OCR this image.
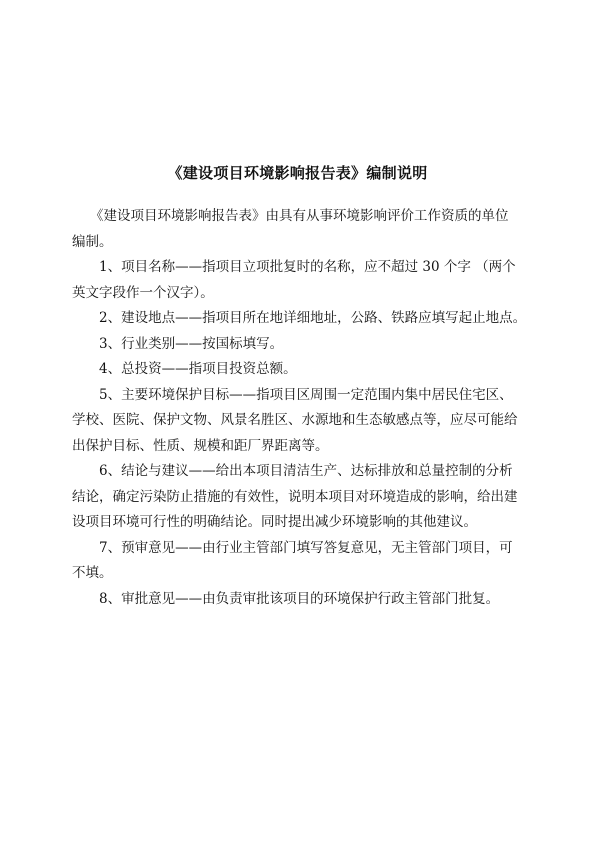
《建设项目环境影响报告表》编制说明

《建设项目环境影响报告表》由具有从事环境影响评价工作资质的单位
编制。

1、项目名称——指项目立项批复时的名称，应不超过 30 个字 （两个
英文字段作一个汉字）。

2、建设地点——指项目所在地详细地址，公路、铁路应填写起止地点。

3、行业类别——按国标填写。

4、总投资——指项目投资总额。

5、主要环境保护目标——指项目区周围一定范围内集中居民住宅区、
学校、医院、保护文物、风景名胜区、水源地和生态敏感点等，应尽可能给
出保护目标、性质、规模和距厂界距离等。

6、结论与建议——给出本项目清洁生产、达标排放和总量控制的分析
结论，确定污染防止措施的有效性，说明本项目对环境造成的影响，给出建
设项目环境可行性的明确结论。同时提出减少环境影响的其他建议。

7、预审意见——由行业主管部门填写答复意见，无主管部门项目，可
不填。

8、审批意见——由负责审批该项目的环境保护行政主管部门批复。
